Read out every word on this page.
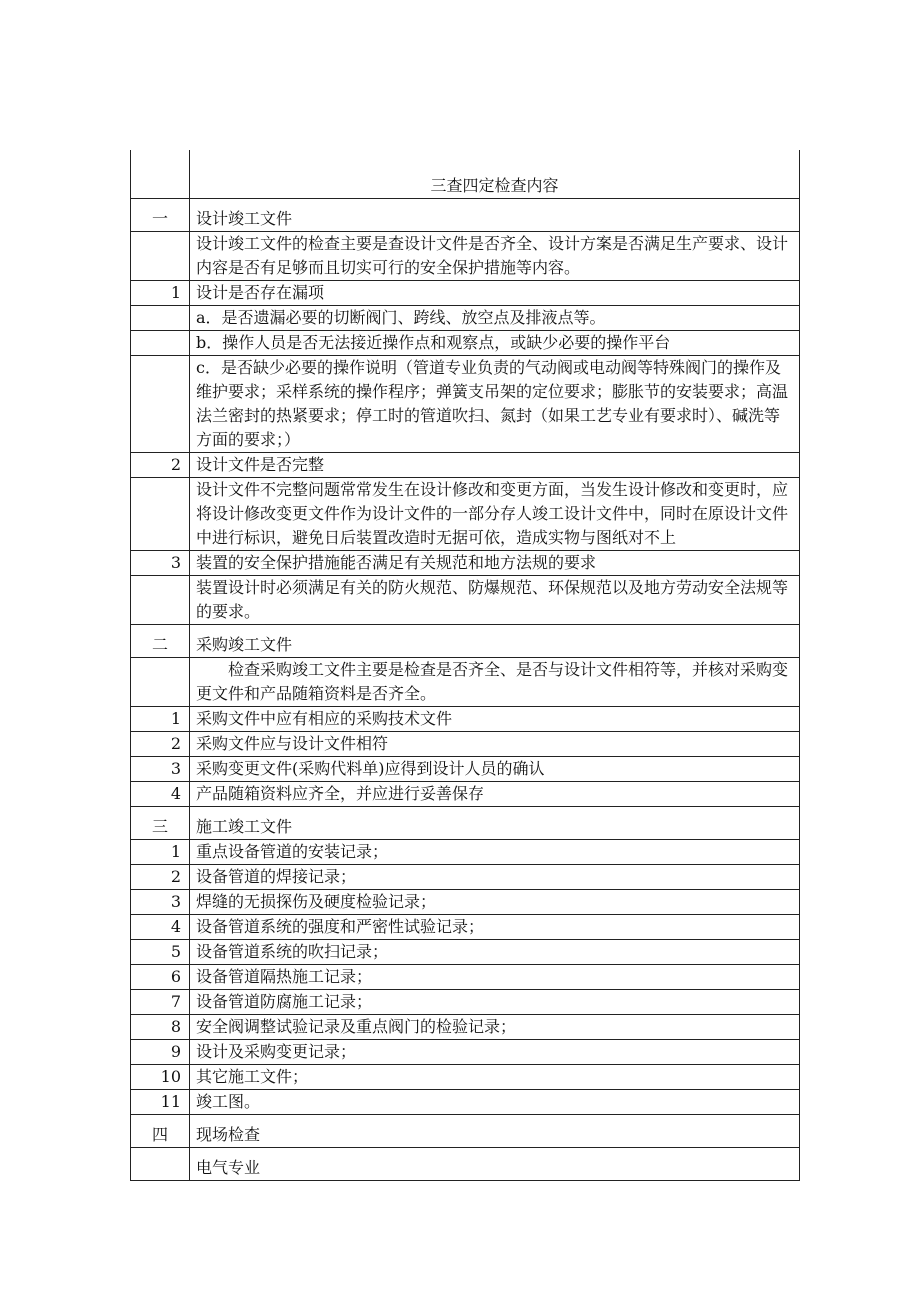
	三查四定检查内容
一	设计竣工文件
	设计竣工文件的检查主要是查设计文件是否齐全、设计方案是否满足生产要求、设计内容是否有足够而且切实可行的安全保护措施等内容。
1	设计是否存在漏项
	a．是否遗漏必要的切断阀门、跨线、放空点及排液点等。
	b．操作人员是否无法接近操作点和观察点，或缺少必要的操作平台
	c．是否缺少必要的操作说明（管道专业负责的气动阀或电动阀等特殊阀门的操作及维护要求；采样系统的操作程序；弹簧支吊架的定位要求；膨胀节的安装要求；高温法兰密封的热紧要求；停工时的管道吹扫、氮封（如果工艺专业有要求时）、碱洗等方面的要求；）
2	设计文件是否完整
	设计文件不完整问题常常发生在设计修改和变更方面，当发生设计修改和变更时，应将设计修改变更文件作为设计文件的一部分存人竣工设计文件中，同时在原设计文件中进行标识，避免日后装置改造时无据可依，造成实物与图纸对不上
3	装置的安全保护措施能否满足有关规范和地方法规的要求
	装置设计时必须满足有关的防火规范、防爆规范、环保规范以及地方劳动安全法规等的要求。
二	采购竣工文件
	检查采购竣工文件主要是检查是否齐全、是否与设计文件相符等，并核对采购变更文件和产品随箱资料是否齐全。
1	采购文件中应有相应的采购技术文件
2	采购文件应与设计文件相符
3	采购变更文件(采购代料单)应得到设计人员的确认
4	产品随箱资料应齐全，并应进行妥善保存
三	施工竣工文件
1	重点设备管道的安装记录；
2	设备管道的焊接记录；
3	焊缝的无损探伤及硬度检验记录；
4	设备管道系统的强度和严密性试验记录；
5	设备管道系统的吹扫记录；
6	设备管道隔热施工记录；
7	设备管道防腐施工记录；
8	安全阀调整试验记录及重点阀门的检验记录；
9	设计及采购变更记录；
10	其它施工文件；
11	竣工图。
四	现场检查
	电气专业
